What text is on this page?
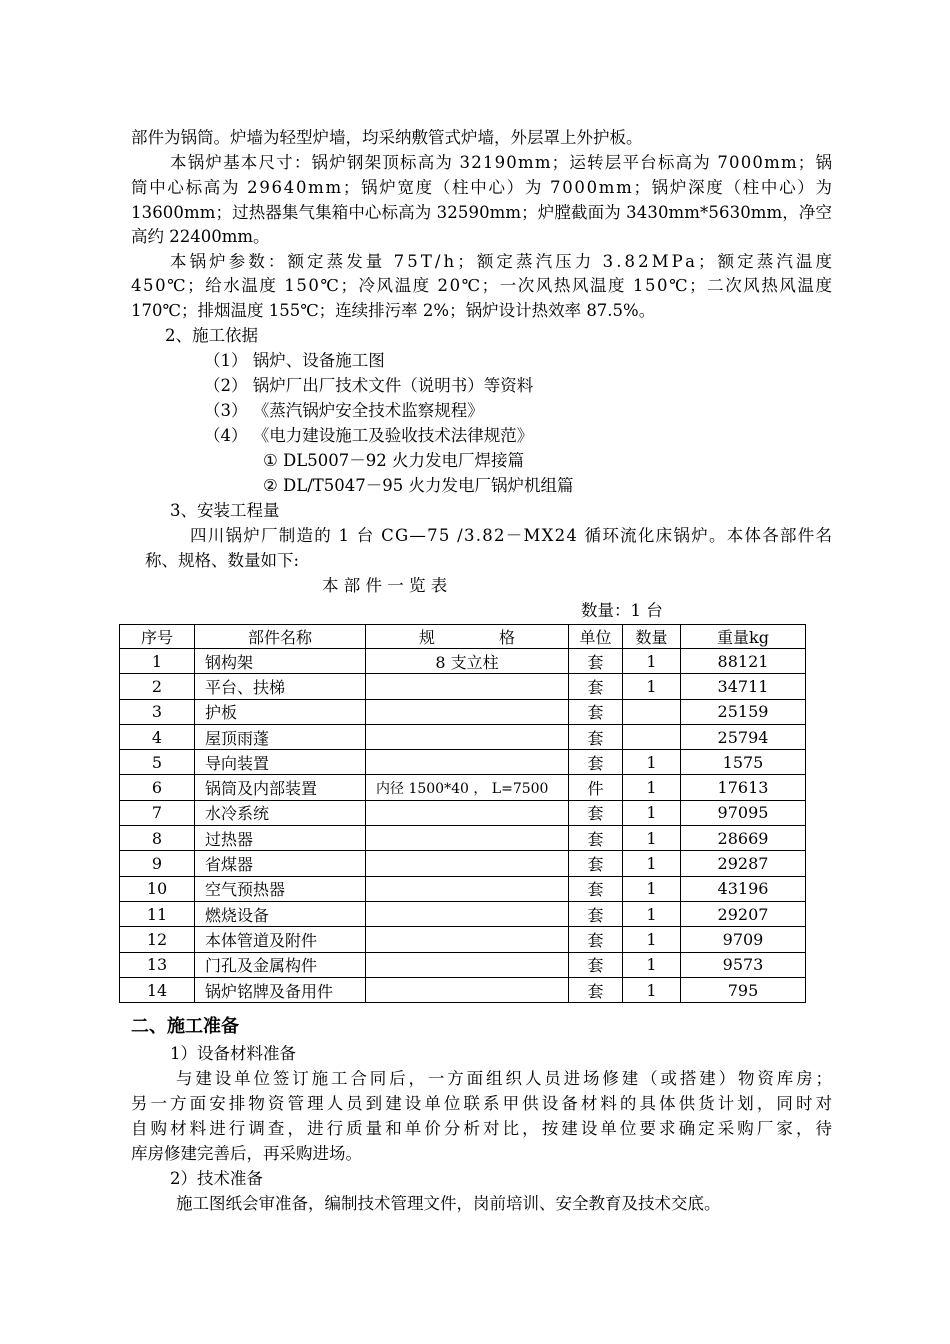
部件为锅筒。炉墙为轻型炉墙，均采纳敷管式炉墙，外层罩上外护板。
本锅炉基本尺寸：锅炉钢架顶标高为 32190mm；运转层平台标高为 7000mm；锅
筒中心标高为 29640mm；锅炉宽度（柱中心）为 7000mm；锅炉深度（柱中心）为
13600mm；过热器集气集箱中心标高为 32590mm；炉膛截面为 3430mm*5630mm，净空
高约 22400mm。
本锅炉参数：额定蒸发量 75T/h；额定蒸汽压力 3.82MPa；额定蒸汽温度
450℃；给水温度 150℃；冷风温度 20℃；一次风热风温度 150℃；二次风热风温度
170℃；排烟温度 155℃；连续排污率 2%；锅炉设计热效率 87.5%。
2、施工依据
（1） 锅炉、设备施工图
（2） 锅炉厂出厂技术文件（说明书）等资料
（3） 《蒸汽锅炉安全技术监察规程》
（4） 《电力建设施工及验收技术法律规范》
① DL5007－92 火力发电厂焊接篇
② DL/T5047－95 火力发电厂锅炉机组篇
3、安装工程量
四川锅炉厂制造的 1 台 CG—75 /3.82－MX24 循环流化床锅炉。本体各部件名
称、规格、数量如下:
本 部 件 一 览 表
数量：1 台
序号	部件名称	规　　　　格	单位	数量	重量kg
1	钢构架	8 支立柱	套	1	88121
2	平台、扶梯		套	1	34711
3	护板		套		25159
4	屋顶雨蓬		套		25794
5	导向装置		套	1	1575
6	锅筒及内部装置	内径 1500*40 ， L=7500	件	1	17613
7	水冷系统		套	1	97095
8	过热器		套	1	28669
9	省煤器		套	1	29287
10	空气预热器		套	1	43196
11	燃烧设备		套	1	29207
12	本体管道及附件		套	1	9709
13	门孔及金属构件		套	1	9573
14	锅炉铭牌及备用件		套	1	795
二、施工准备
1）设备材料准备
与建设单位签订施工合同后，一方面组织人员进场修建（或搭建）物资库房；
另一方面安排物资管理人员到建设单位联系甲供设备材料的具体供货计划，同时对
自购材料进行调查，进行质量和单价分析对比，按建设单位要求确定采购厂家，待
库房修建完善后，再采购进场。
2）技术准备
施工图纸会审准备，编制技术管理文件，岗前培训、安全教育及技术交底。
